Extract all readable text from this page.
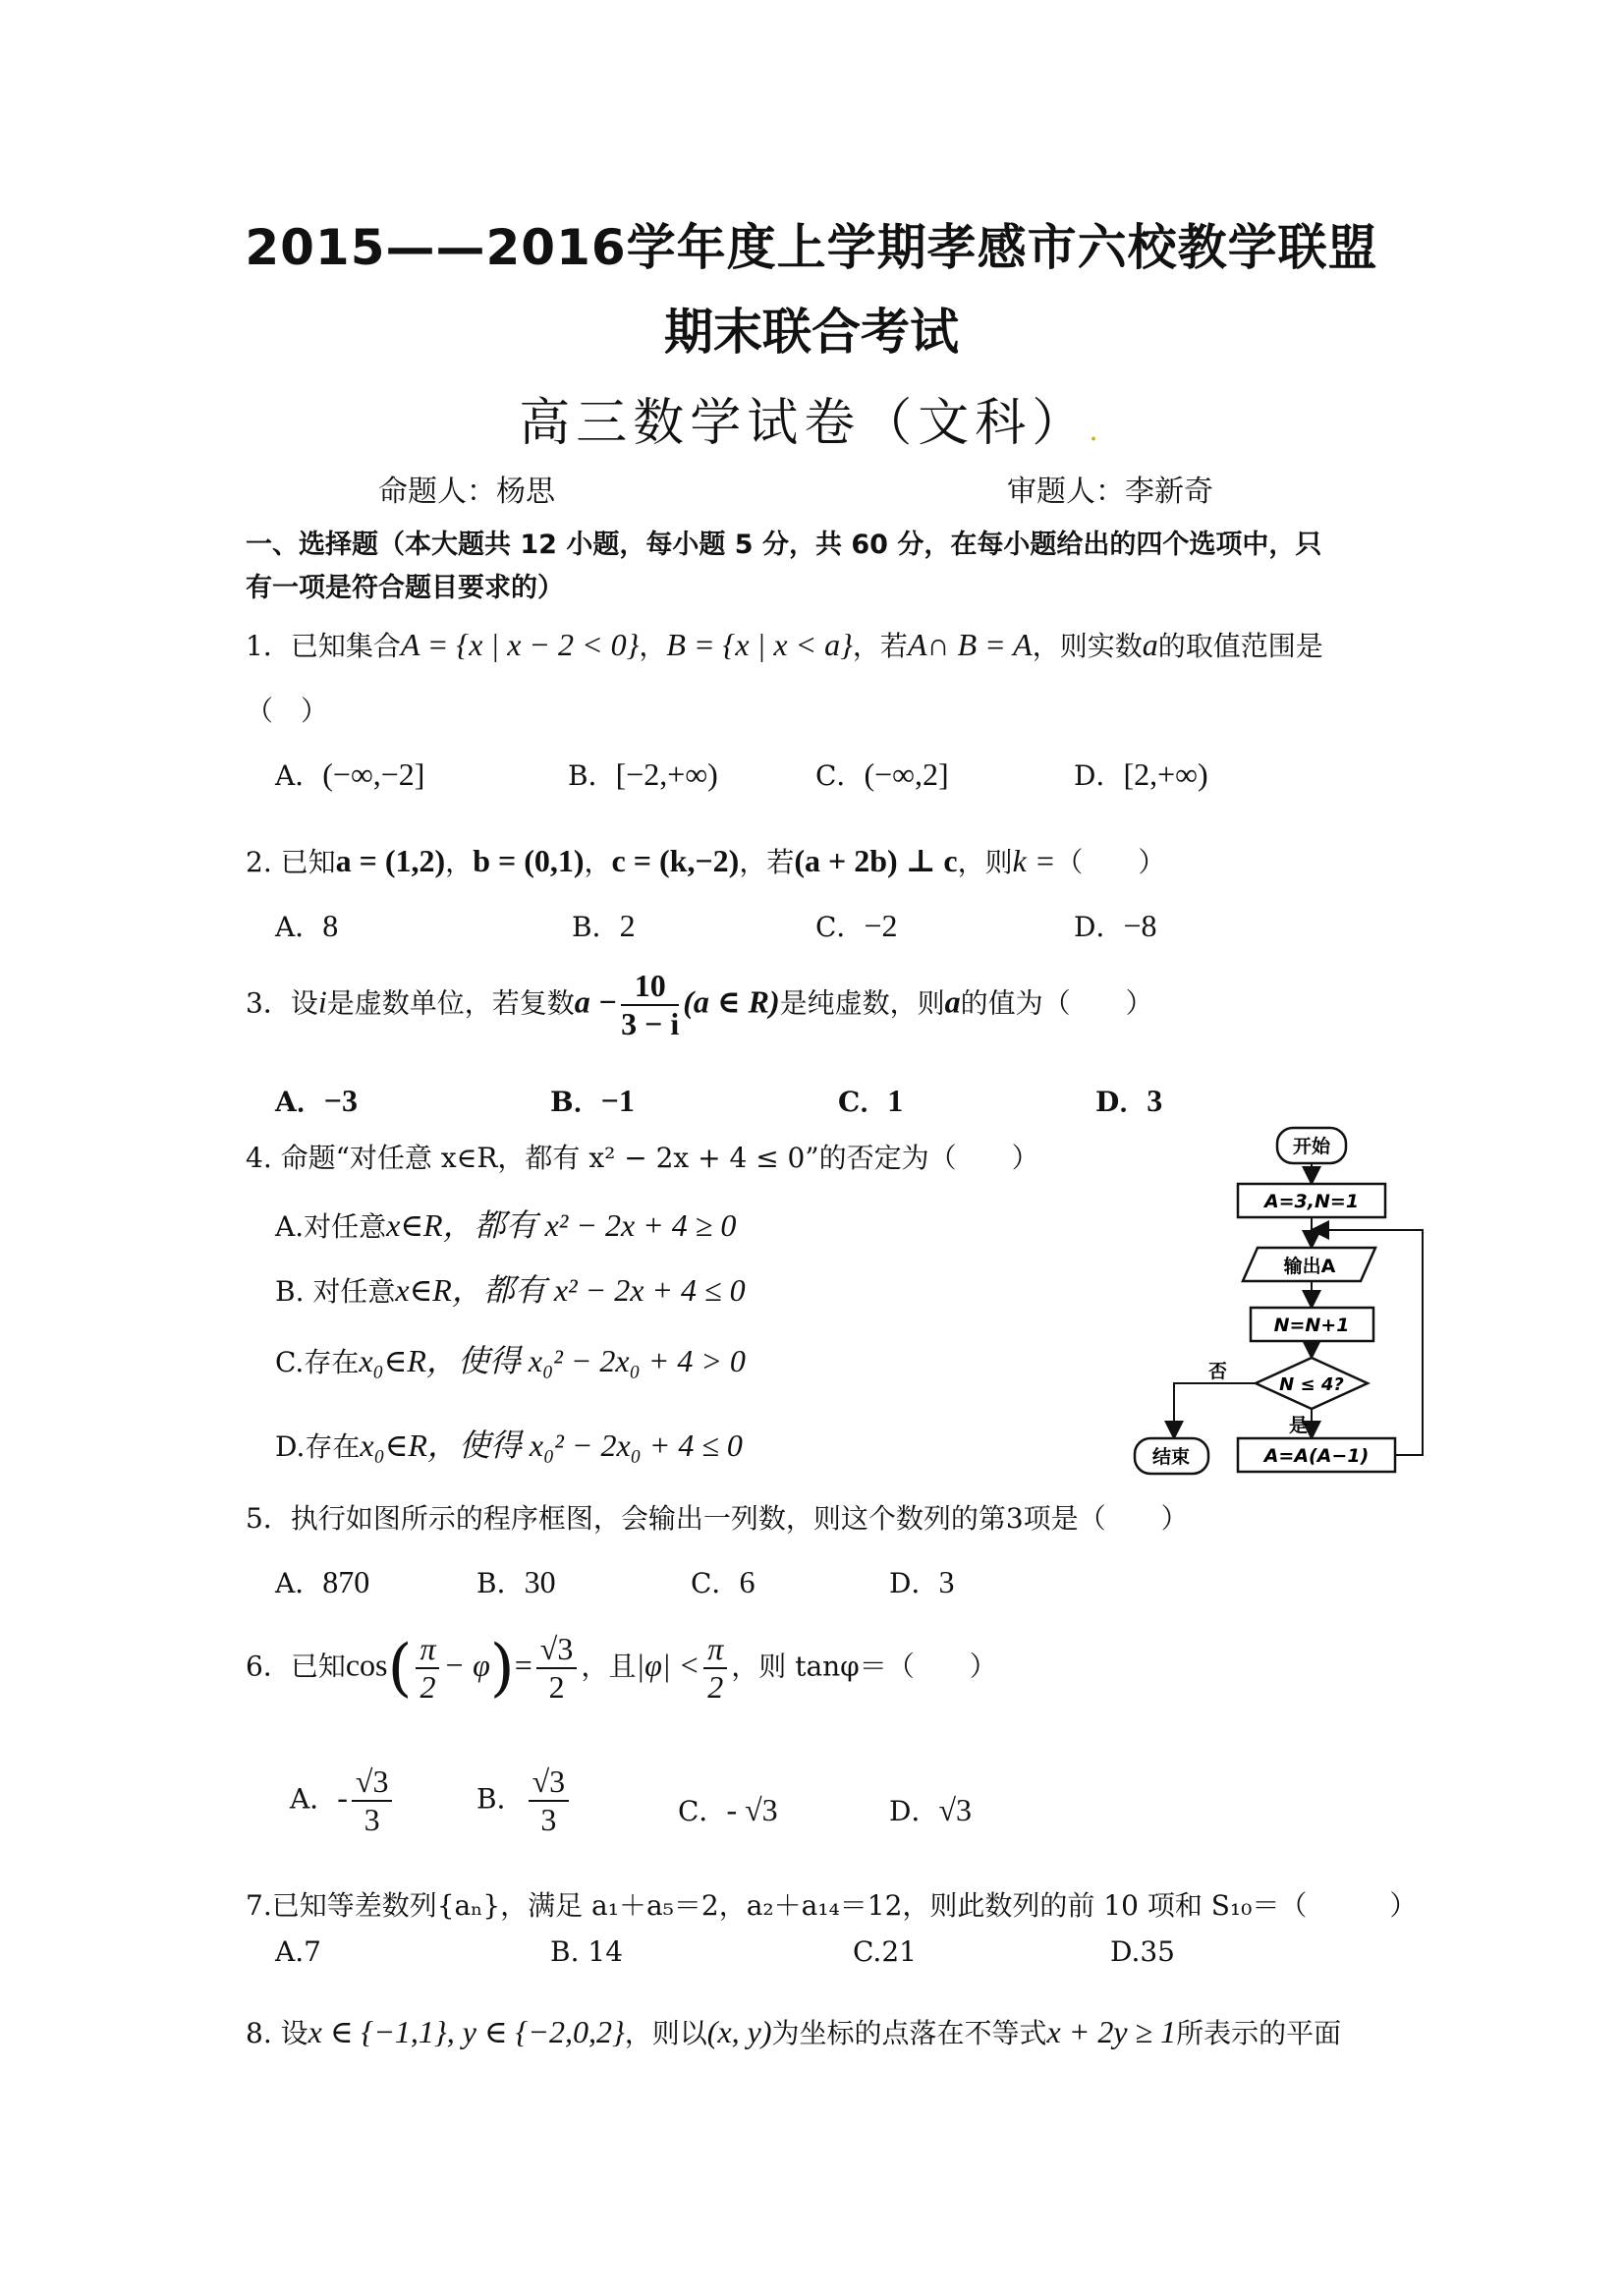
2015——2016学年度上学期孝感市六校教学联盟
期末联合考试
高三数学试卷（文科）.
命题人：杨思	审题人：李新奇
一、选择题（本大题共 12 小题，每小题 5 分，共 60 分，在每小题给出的四个选项中，只
有一项是符合题目要求的）
1．已知集合A = {x | x − 2 < 0}，B = {x | x < a}，若A∩ B = A，则实数a的取值范围是
（　）
A．(−∞,−2]	B．[−2,+∞)	C．(−∞,2]	D．[2,+∞)
2. 已知a = (1,2)，b = (0,1)，c = (k,−2)，若(a + 2b) ⊥ c，则k =（　　）
A．8	B．2	C．−2	D．−8
3．设i是虚数单位，若复数$a - \frac{10}{3 - i} (a$ ∈ R)是纯虚数，则a的值为（　　）
A．−3	B．−1	C．1	D．3
4. 命题“对任意 x∈R，都有 x² − 2x + 4 ≤ 0”的否定为（　　）
A.对任意x∈R，都有 x² − 2x + 4 ≥ 0
B. 对任意x∈R，都有 x² − 2x + 4 ≤ 0
C.存在x₀∈R，使得 x₀² − 2x₀ + 4 > 0
D.存在x₀∈R，使得 x₀² − 2x₀ + 4 ≤ 0
开始
A=3,N=1
输出A
N=N+1
N ≤ 4?
否
结束
是
A=A(A−1)
5．执行如图所示的程序框图，会输出一列数，则这个数列的第3项是（　　）
A．870	B．30	C．6	D．3
6．已知$\cos( \frac{\pi}{2} - \varphi)= \frac{√3}{2}$ ，且$|\varphi| < \frac{\pi}{2}$ ，则 tanφ＝（　　）
A．- $\frac{√3}{3}$	B． $\frac{√3}{3}$	C．- √3	D．√3
7.已知等差数列{aₙ}，满足 a₁＋a₅＝2，a₂＋a₁₄＝12，则此数列的前 10 项和 S₁₀＝（　　　）
A.7	B. 14	C.21	D.35
8. 设x ∈ {−1,1}, y ∈ {−2,0,2}，则以(x, y)为坐标的点落在不等式x + 2y ≥ 1所表示的平面
